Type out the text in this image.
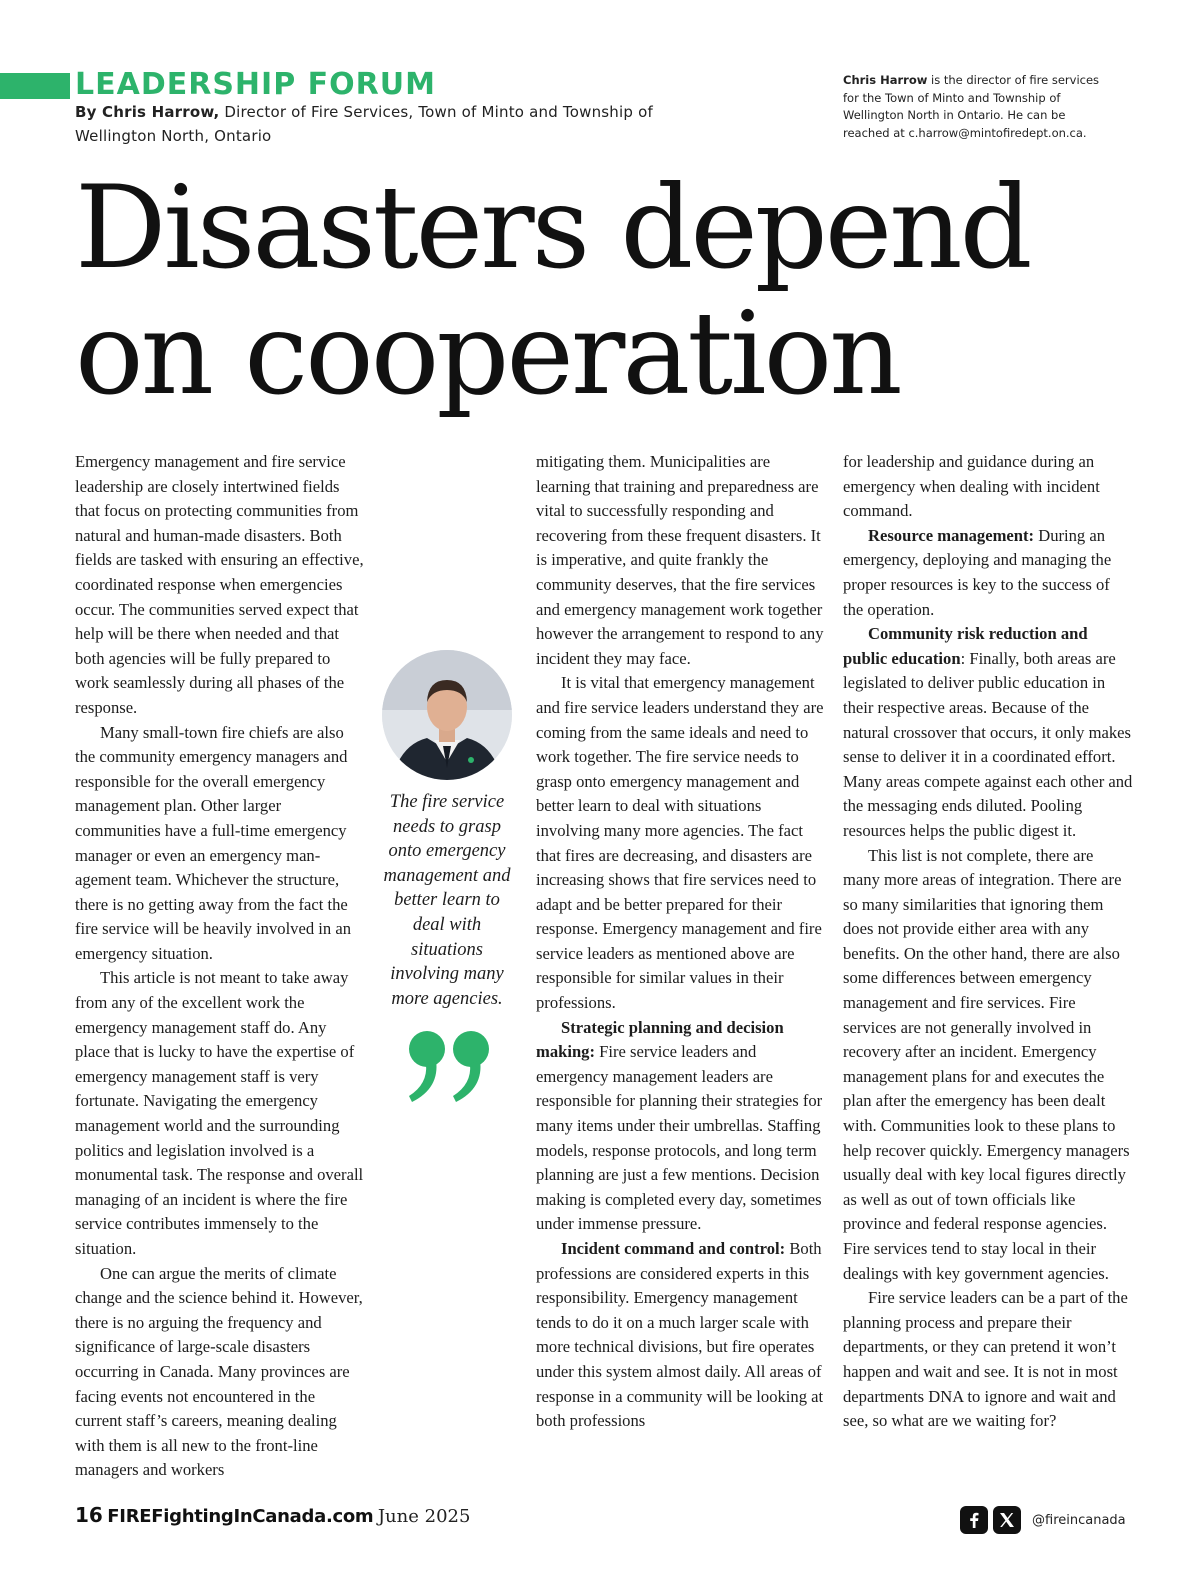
LEADERSHIP FORUM
By Chris Harrow, Director of Fire Services, Town of Minto and Township of Wellington North, Ontario
Chris Harrow is the director of fire services for the Town of Minto and Township of Wellington North in Ontario. He can be reached at c.harrow@mintofiredept.on.ca.
Disasters depend on cooperation

Emergency management and fire service leadership are closely intertwined fields that focus on protecting communities from natural and human-made disasters. Both fields are tasked with ensuring an effective, coordinated response when emergencies occur. The communities served expect that help will be there when needed and that both agencies will be fully prepared to work seamlessly during all phases of the response.

Many small-town fire chiefs are also the community emergency managers and responsible for the overall emergency management plan. Other larger communities have a full-time emergency manager or even an emergency management team. Whichever the structure, there is no getting away from the fact the fire service will be heavily involved in an emergency situation.

This article is not meant to take away from any of the excellent work the emergency management staff do. Any place that is lucky to have the expertise of emergency management staff is very fortunate. Navigating the emergency management world and the surrounding politics and legislation involved is a monumental task. The response and overall managing of an incident is where the fire service contributes immensely to the situation.

One can argue the merits of climate change and the science behind it. However, there is no arguing the frequency and significance of large-scale disasters occurring in Canada. Many provinces are facing events not encountered in the current staff’s careers, meaning dealing with them is all new to the front-line managers and workers

The fire service needs to grasp onto emergency management and better learn to deal with situations involving many more agencies.

mitigating them. Municipalities are learning that training and preparedness are vital to successfully responding and recovering from these frequent disasters. It is imperative, and quite frankly the community deserves, that the fire services and emergency management work together however the arrangement to respond to any incident they may face.

It is vital that emergency management and fire service leaders understand they are coming from the same ideals and need to work together. The fire service needs to grasp onto emergency management and better learn to deal with situations involving many more agencies. The fact that fires are decreasing, and disasters are increasing shows that fire services need to adapt and be better prepared for their response. Emergency management and fire service leaders as mentioned above are responsible for similar values in their professions.

Strategic planning and decision making: Fire service leaders and emergency management leaders are responsible for planning their strategies for many items under their umbrellas. Staffing models, response protocols, and long term planning are just a few mentions. Decision making is completed every day, sometimes under immense pressure.

Incident command and control: Both professions are considered experts in this responsibility. Emergency management tends to do it on a much larger scale with more technical divisions, but fire operates under this system almost daily. All areas of response in a community will be looking at both professions

for leadership and guidance during an emergency when dealing with incident command.

Resource management: During an emergency, deploying and managing the proper resources is key to the success of the operation.

Community risk reduction and public education: Finally, both areas are legislated to deliver public education in their respective areas. Because of the natural crossover that occurs, it only makes sense to deliver it in a coordinated effort. Many areas compete against each other and the messaging ends diluted. Pooling resources helps the public digest it.

This list is not complete, there are many more areas of integration. There are so many similarities that ignoring them does not provide either area with any benefits. On the other hand, there are also some differences between emergency management and fire services. Fire services are not generally involved in recovery after an incident. Emergency management plans for and executes the plan after the emergency has been dealt with. Communities look to these plans to help recover quickly. Emergency managers usually deal with key local figures directly as well as out of town officials like province and federal response agencies. Fire services tend to stay local in their dealings with key government agencies.

Fire service leaders can be a part of the planning process and prepare their departments, or they can pretend it won’t happen and wait and see. It is not in most departments DNA to ignore and wait and see, so what are we waiting for?

16 FIREFightingInCanada.com June 2025	@fireincanada
